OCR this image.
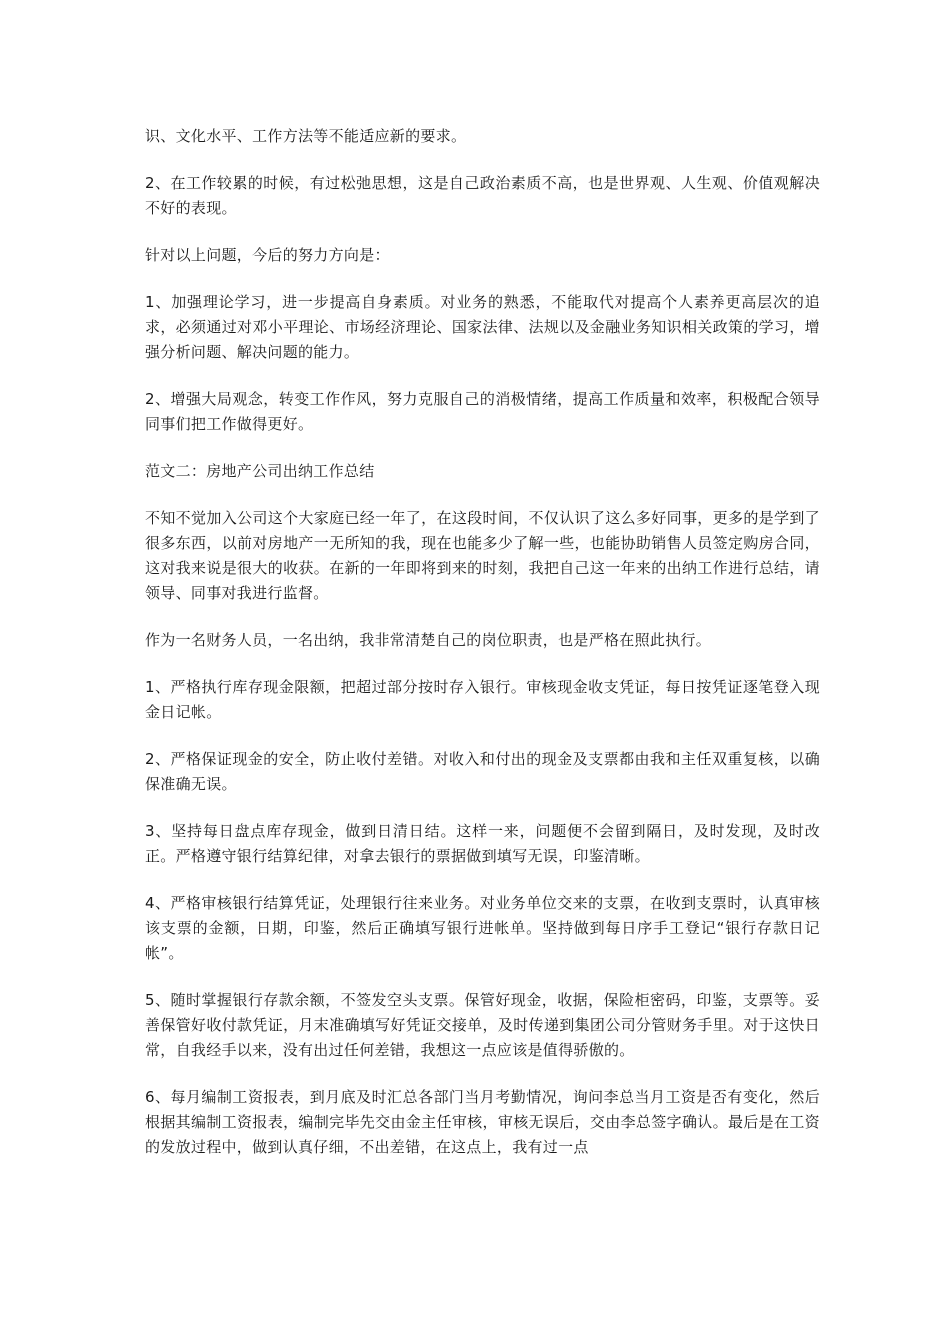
识、文化水平、工作方法等不能适应新的要求。

2、在工作较累的时候，有过松弛思想，这是自己政治素质不高，也是世界观、人生观、价值观解决不好的表现。

针对以上问题，今后的努力方向是：

1、加强理论学习，进一步提高自身素质。对业务的熟悉，不能取代对提高个人素养更高层次的追求，必须通过对邓小平理论、市场经济理论、国家法律、法规以及金融业务知识相关政策的学习，增强分析问题、解决问题的能力。

2、增强大局观念，转变工作作风，努力克服自己的消极情绪，提高工作质量和效率，积极配合领导同事们把工作做得更好。

范文二：房地产公司出纳工作总结

不知不觉加入公司这个大家庭已经一年了，在这段时间，不仅认识了这么多好同事，更多的是学到了很多东西，以前对房地产一无所知的我，现在也能多少了解一些，也能协助销售人员签定购房合同，这对我来说是很大的收获。在新的一年即将到来的时刻，我把自己这一年来的出纳工作进行总结，请领导、同事对我进行监督。

作为一名财务人员，一名出纳，我非常清楚自己的岗位职责，也是严格在照此执行。

1、严格执行库存现金限额，把超过部分按时存入银行。审核现金收支凭证，每日按凭证逐笔登入现金日记帐。

2、严格保证现金的安全，防止收付差错。对收入和付出的现金及支票都由我和主任双重复核，以确保准确无误。

3、坚持每日盘点库存现金，做到日清日结。这样一来，问题便不会留到隔日，及时发现，及时改正。严格遵守银行结算纪律，对拿去银行的票据做到填写无误，印鉴清晰。

4、严格审核银行结算凭证，处理银行往来业务。对业务单位交来的支票，在收到支票时，认真审核该支票的金额，日期，印鉴，然后正确填写银行进帐单。坚持做到每日序手工登记“银行存款日记帐”。

5、随时掌握银行存款余额，不签发空头支票。保管好现金，收据，保险柜密码，印鉴，支票等。妥善保管好收付款凭证，月末准确填写好凭证交接单，及时传递到集团公司分管财务手里。对于这快日常，自我经手以来，没有出过任何差错，我想这一点应该是值得骄傲的。

6、每月编制工资报表，到月底及时汇总各部门当月考勤情况，询问李总当月工资是否有变化，然后根据其编制工资报表，编制完毕先交由金主任审核，审核无误后，交由李总签字确认。最后是在工资的发放过程中，做到认真仔细，不出差错，在这点上，我有过一点
